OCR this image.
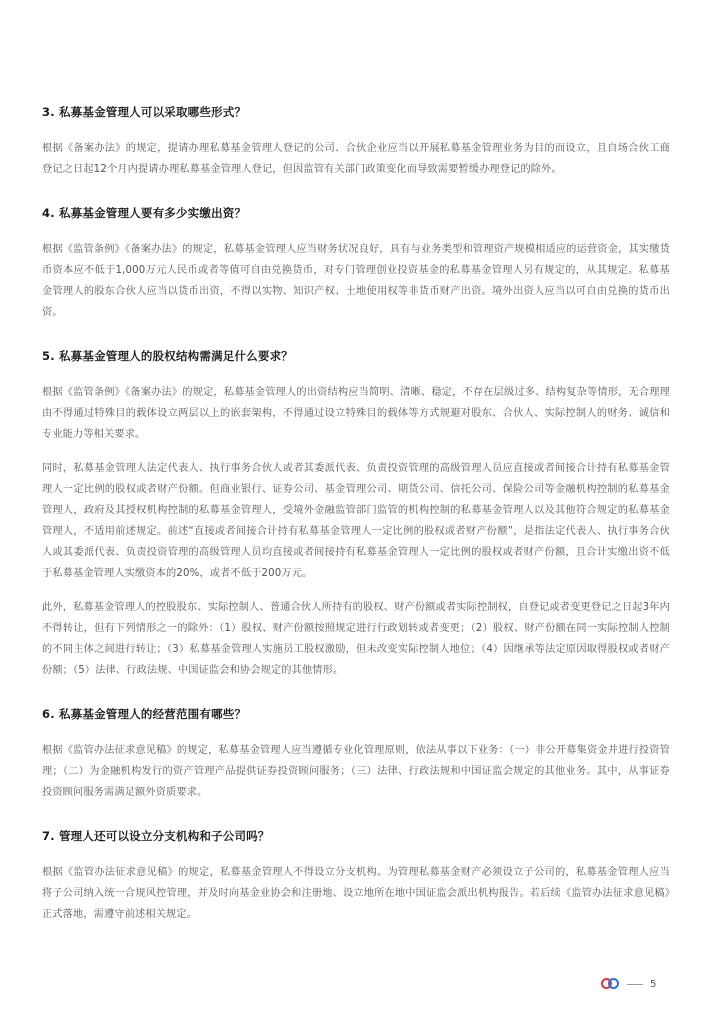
3. 私募基金管理人可以采取哪些形式？

根据《备案办法》的规定，提请办理私募基金管理人登记的公司、合伙企业应当以开展私募基金管理业务为目的而设立，且自场合伙工商登记之日起12个月内提请办理私募基金管理人登记，但因监管有关部门政策变化而导致需要暂缓办理登记的除外。

4. 私募基金管理人要有多少实缴出资？

根据《监管条例》《备案办法》的规定，私募基金管理人应当财务状况良好，具有与业务类型和管理资产规模相适应的运营资金，其实缴货币资本应不低于1,000万元人民币或者等值可自由兑换货币，对专门管理创业投资基金的私募基金管理人另有规定的，从其规定。私募基金管理人的股东合伙人应当以货币出资，不得以实物、知识产权、土地使用权等非货币财产出资。境外出资人应当以可自由兑换的货币出资。

5. 私募基金管理人的股权结构需满足什么要求？

根据《监管条例》《备案办法》的规定，私募基金管理人的出资结构应当简明、清晰、稳定，不存在层级过多、结构复杂等情形，无合理理由不得通过特殊目的载体设立两层以上的嵌套架构，不得通过设立特殊目的载体等方式规避对股东、合伙人、实际控制人的财务、诚信和专业能力等相关要求。

同时，私募基金管理人法定代表人、执行事务合伙人或者其委派代表、负责投资管理的高级管理人员应直接或者间接合计持有私募基金管理人一定比例的股权或者财产份额。但商业银行、证券公司、基金管理公司、期货公司、信托公司、保险公司等金融机构控制的私募基金管理人，政府及其授权机构控制的私募基金管理人，受境外金融监管部门监管的机构控制的私募基金管理人以及其他符合规定的私募基金管理人，不适用前述规定。前述“直接或者间接合计持有私募基金管理人一定比例的股权或者财产份额”，是指法定代表人、执行事务合伙人或其委派代表、负责投资管理的高级管理人员均直接或者间接持有私募基金管理人一定比例的股权或者财产份额，且合计实缴出资不低于私募基金管理人实缴资本的20%，或者不低于200万元。

此外，私募基金管理人的控股股东、实际控制人、普通合伙人所持有的股权、财产份额或者实际控制权，自登记或者变更登记之日起3年内不得转让，但有下列情形之一的除外：（1）股权、财产份额按照规定进行行政划转或者变更；（2）股权、财产份额在同一实际控制人控制的不同主体之间进行转让；（3）私募基金管理人实施员工股权激励，但未改变实际控制人地位；（4）因继承等法定原因取得股权或者财产份额；（5）法律、行政法规、中国证监会和协会规定的其他情形。

6. 私募基金管理人的经营范围有哪些？

根据《监管办法征求意见稿》的规定，私募基金管理人应当遵循专业化管理原则，依法从事以下业务：（一）非公开募集资金并进行投资管理；（二）为金融机构发行的资产管理产品提供证券投资顾问服务；（三）法律、行政法规和中国证监会规定的其他业务。其中，从事证券投资顾问服务需满足额外资质要求。

7. 管理人还可以设立分支机构和子公司吗？

根据《监管办法征求意见稿》的规定，私募基金管理人不得设立分支机构。为管理私募基金财产必须设立子公司的，私募基金管理人应当将子公司纳入统一合规风控管理，并及时向基金业协会和注册地、设立地所在地中国证监会派出机构报告。若后续《监管办法征求意见稿》正式落地，需遵守前述相关规定。

5
